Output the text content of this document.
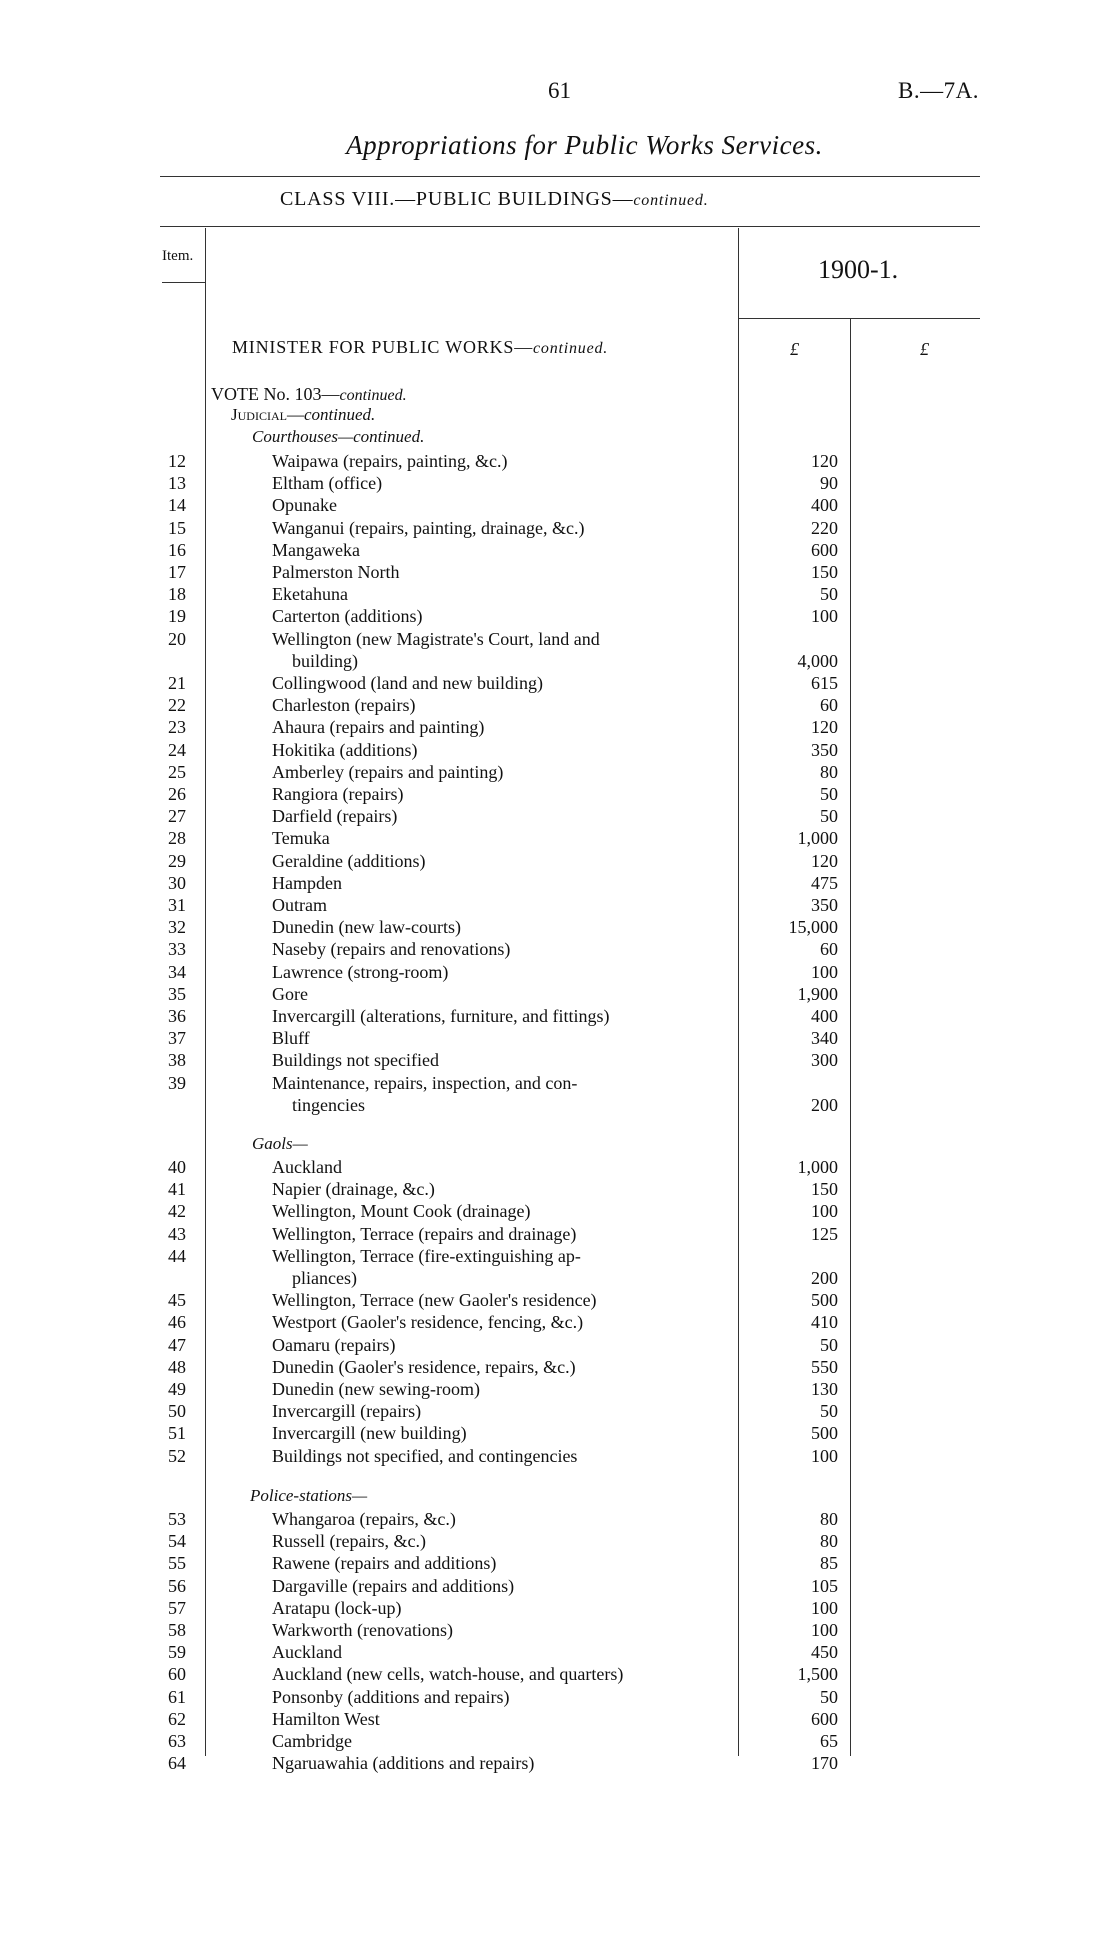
61	B.—7A.
Appropriations for Public Works Services.
CLASS VIII.—PUBLIC BUILDINGS—continued.
Item.	1900-1.
MINISTER FOR PUBLIC WORKS—continued.	£	£
VOTE No. 103—continued.
Judicial—continued.
Courthouses—continued.
12	Waipawa (repairs, painting, &c.)	120
13	Eltham (office)	90
14	Opunake	400
15	Wanganui (repairs, painting, drainage, &c.)	220
16	Mangaweka	600
17	Palmerston North	150
18	Eketahuna	50
19	Carterton (additions)	100
20	Wellington (new Magistrate's Court, land and
building)	4,000
21	Collingwood (land and new building)	615
22	Charleston (repairs)	60
23	Ahaura (repairs and painting)	120
24	Hokitika (additions)	350
25	Amberley (repairs and painting)	80
26	Rangiora (repairs)	50
27	Darfield (repairs)	50
28	Temuka	1,000
29	Geraldine (additions)	120
30	Hampden	475
31	Outram	350
32	Dunedin (new law-courts)	15,000
33	Naseby (repairs and renovations)	60
34	Lawrence (strong-room)	100
35	Gore	1,900
36	Invercargill (alterations, furniture, and fittings)	400
37	Bluff	340
38	Buildings not specified	300
39	Maintenance, repairs, inspection, and con-
tingencies	200
Gaols—
40	Auckland	1,000
41	Napier (drainage, &c.)	150
42	Wellington, Mount Cook (drainage)	100
43	Wellington, Terrace (repairs and drainage)	125
44	Wellington, Terrace (fire-extinguishing ap-
pliances)	200
45	Wellington, Terrace (new Gaoler's residence)	500
46	Westport (Gaoler's residence, fencing, &c.)	410
47	Oamaru (repairs)	50
48	Dunedin (Gaoler's residence, repairs, &c.)	550
49	Dunedin (new sewing-room)	130
50	Invercargill (repairs)	50
51	Invercargill (new building)	500
52	Buildings not specified, and contingencies	100
Police-stations—
53	Whangaroa (repairs, &c.)	80
54	Russell (repairs, &c.)	80
55	Rawene (repairs and additions)	85
56	Dargaville (repairs and additions)	105
57	Aratapu (lock-up)	100
58	Warkworth (renovations)	100
59	Auckland	450
60	Auckland (new cells, watch-house, and quarters)	1,500
61	Ponsonby (additions and repairs)	50
62	Hamilton West	600
63	Cambridge	65
64	Ngaruawahia (additions and repairs)	170
